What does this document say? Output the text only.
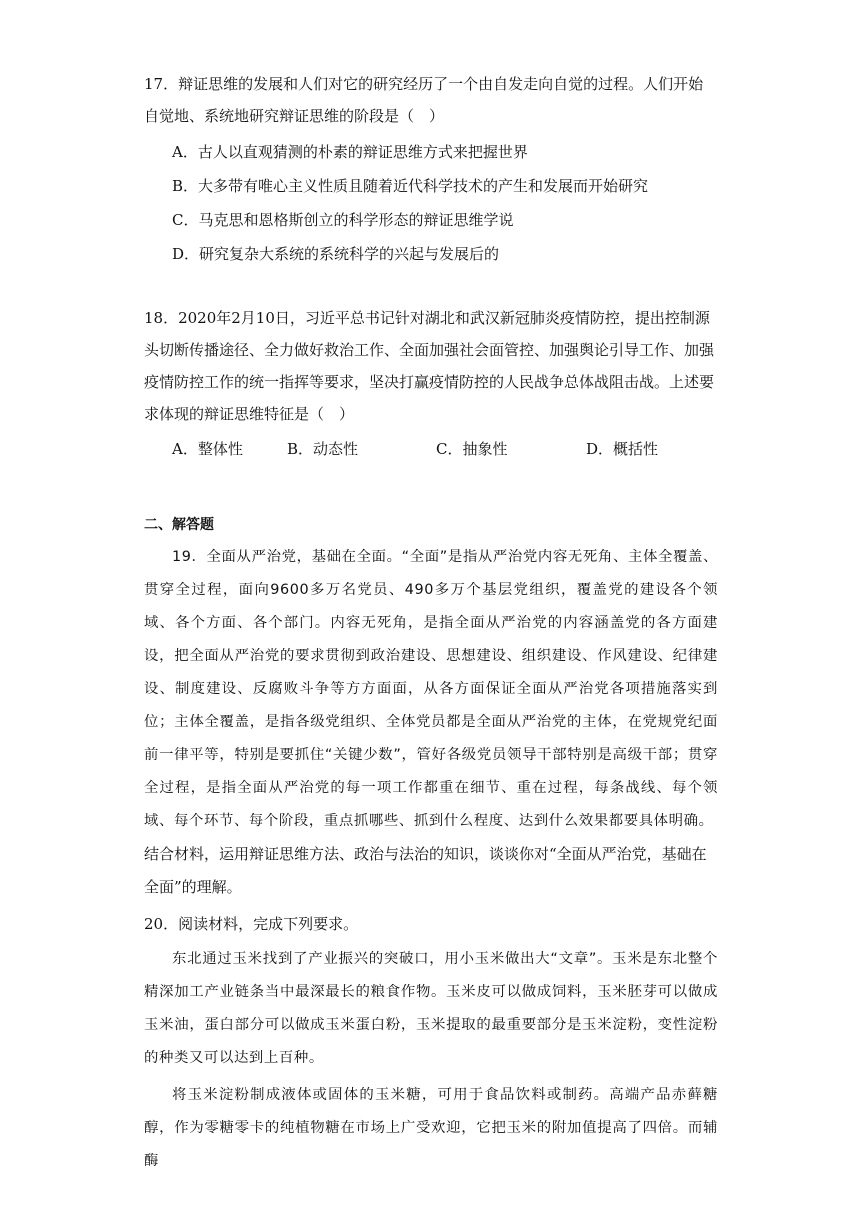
17．辩证思维的发展和人们对它的研究经历了一个由自发走向自觉的过程。人们开始自觉地、系统地研究辩证思维的阶段是（　）

A．古人以直观猜测的朴素的辩证思维方式来把握世界

B．大多带有唯心主义性质且随着近代科学技术的产生和发展而开始研究

C．马克思和恩格斯创立的科学形态的辩证思维学说

D．研究复杂大系统的系统科学的兴起与发展后的

18．2020年2月10日，习近平总书记针对湖北和武汉新冠肺炎疫情防控，提出控制源头切断传播途径、全力做好救治工作、全面加强社会面管控、加强舆论引导工作、加强疫情防控工作的统一指挥等要求，坚决打赢疫情防控的人民战争总体战阻击战。上述要求体现的辩证思维特征是（　）

A．整体性	B．动态性	C．抽象性	D．概括性
二、解答题

19．全面从严治党，基础在全面。“全面”是指从严治党内容无死角、主体全覆盖、贯穿全过程，面向9600多万名党员、490多万个基层党组织，覆盖党的建设各个领域、各个方面、各个部门。内容无死角，是指全面从严治党的内容涵盖党的各方面建设，把全面从严治党的要求贯彻到政治建设、思想建设、组织建设、作风建设、纪律建设、制度建设、反腐败斗争等方方面面，从各方面保证全面从严治党各项措施落实到位；主体全覆盖，是指各级党组织、全体党员都是全面从严治党的主体，在党规党纪面前一律平等，特别是要抓住“关键少数”，管好各级党员领导干部特别是高级干部；贯穿全过程，是指全面从严治党的每一项工作都重在细节、重在过程，每条战线、每个领域、每个环节、每个阶段，重点抓哪些、抓到什么程度、达到什么效果都要具体明确。

结合材料，运用辩证思维方法、政治与法治的知识，谈谈你对“全面从严治党，基础在全面”的理解。

20．阅读材料，完成下列要求。

东北通过玉米找到了产业振兴的突破口，用小玉米做出大“文章”。玉米是东北整个精深加工产业链条当中最深最长的粮食作物。玉米皮可以做成饲料，玉米胚芽可以做成玉米油，蛋白部分可以做成玉米蛋白粉，玉米提取的最重要部分是玉米淀粉，变性淀粉的种类又可以达到上百种。

将玉米淀粉制成液体或固体的玉米糖，可用于食品饮料或制药。高端产品赤藓糖醇，作为零糖零卡的纯植物糖在市场上广受欢迎，它把玉米的附加值提高了四倍。而辅酶
